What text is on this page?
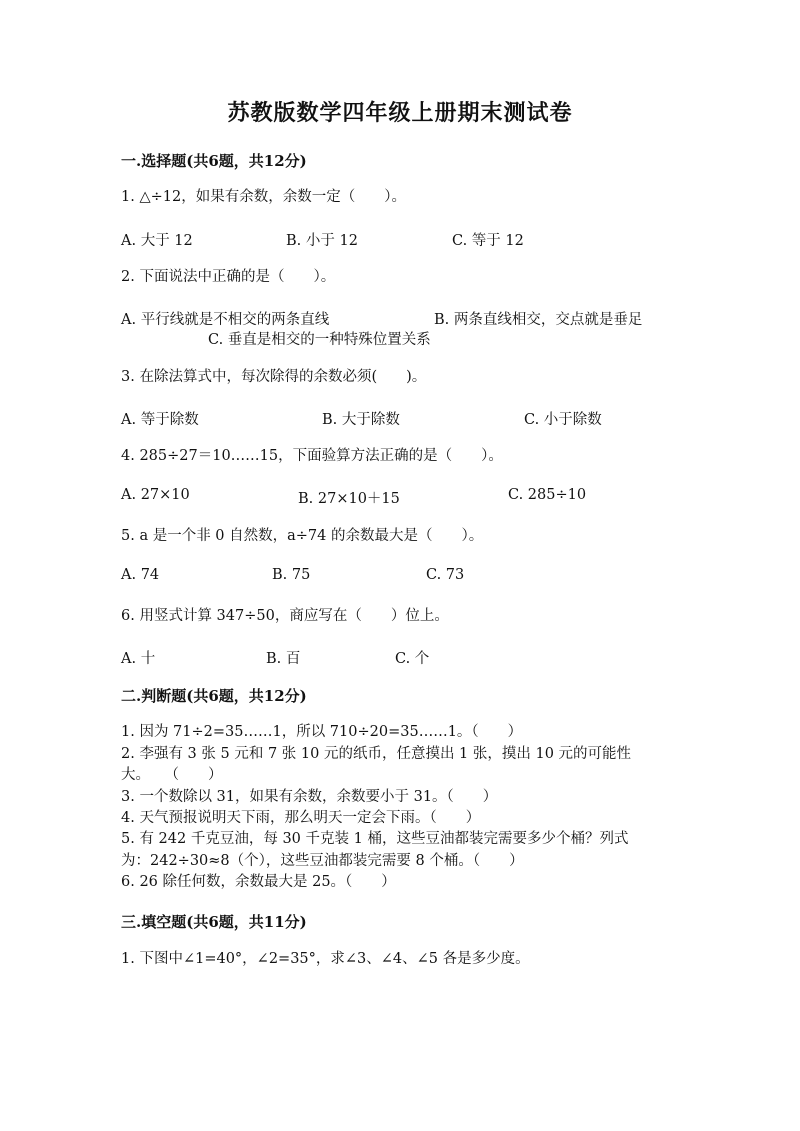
苏教版数学四年级上册期末测试卷
一.选择题(共6题，共12分)
1. △÷12，如果有余数，余数一定（　　）。
A. 大于 12	B. 小于 12	C. 等于 12
2. 下面说法中正确的是（　　）。
A. 平行线就是不相交的两条直线	B. 两条直线相交，交点就是垂足
C. 垂直是相交的一种特殊位置关系
3. 在除法算式中，每次除得的余数必须(　　)。
A. 等于除数	B. 大于除数	C. 小于除数
4. 285÷27＝10……15，下面验算方法正确的是（　　）。
A. 27×10	B. 27×10＋15	C. 285÷10
5. a 是一个非 0 自然数，a÷74 的余数最大是（　　）。
A. 74	B. 75	C. 73
6. 用竖式计算 347÷50，商应写在（　　）位上。
A. 十	B. 百	C. 个
二.判断题(共6题，共12分)
1. 因为 71÷2=35……1，所以 710÷20=35……1。（　　）
2. 李强有 3 张 5 元和 7 张 10 元的纸币，任意摸出 1 张，摸出 10 元的可能性
大。　　（　　）
3. 一个数除以 31，如果有余数，余数要小于 31。（　　）
4. 天气预报说明天下雨，那么明天一定会下雨。（　　）
5. 有 242 千克豆油，每 30 千克装 1 桶，这些豆油都装完需要多少个桶？列式
为：242÷30≈8（个），这些豆油都装完需要 8 个桶。（　　）
6. 26 除任何数，余数最大是 25。（　　）
三.填空题(共6题，共11分)
1. 下图中∠1=40°，∠2=35°，求∠3、∠4、∠5 各是多少度。
